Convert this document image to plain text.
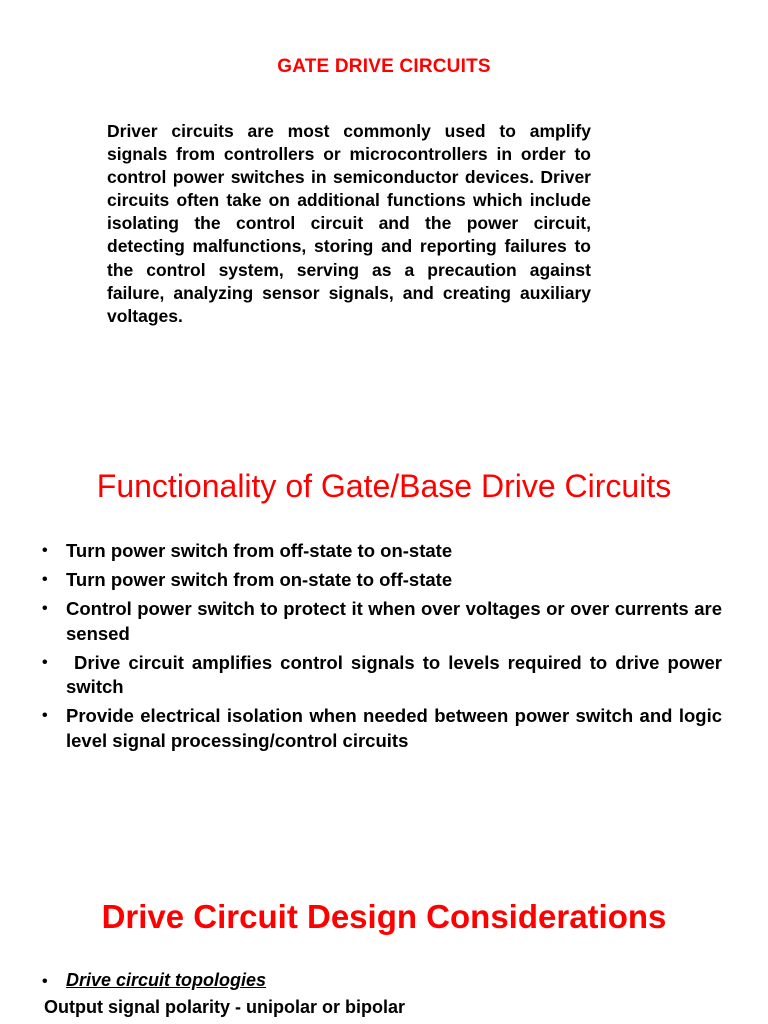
GATE DRIVE CIRCUITS

Driver circuits are most commonly used to amplify signals from controllers or microcontrollers in order to control power switches in semiconductor devices. Driver circuits often take on additional functions which include isolating the control circuit and the power circuit, detecting malfunctions, storing and reporting failures to the control system, serving as a precaution against failure, analyzing sensor signals, and creating auxiliary voltages.

Functionality of Gate/Base Drive Circuits
• Turn power switch from off-state to on-state
• Turn power switch from on-state to off-state
• Control power switch to protect it when over voltages or over currents are sensed
• Drive circuit amplifies control signals to levels required to drive power switch
• Provide electrical isolation when needed between power switch and logic level signal processing/control circuits
Drive Circuit Design Considerations
• Drive circuit topologies
Output signal polarity - unipolar or bipolar
